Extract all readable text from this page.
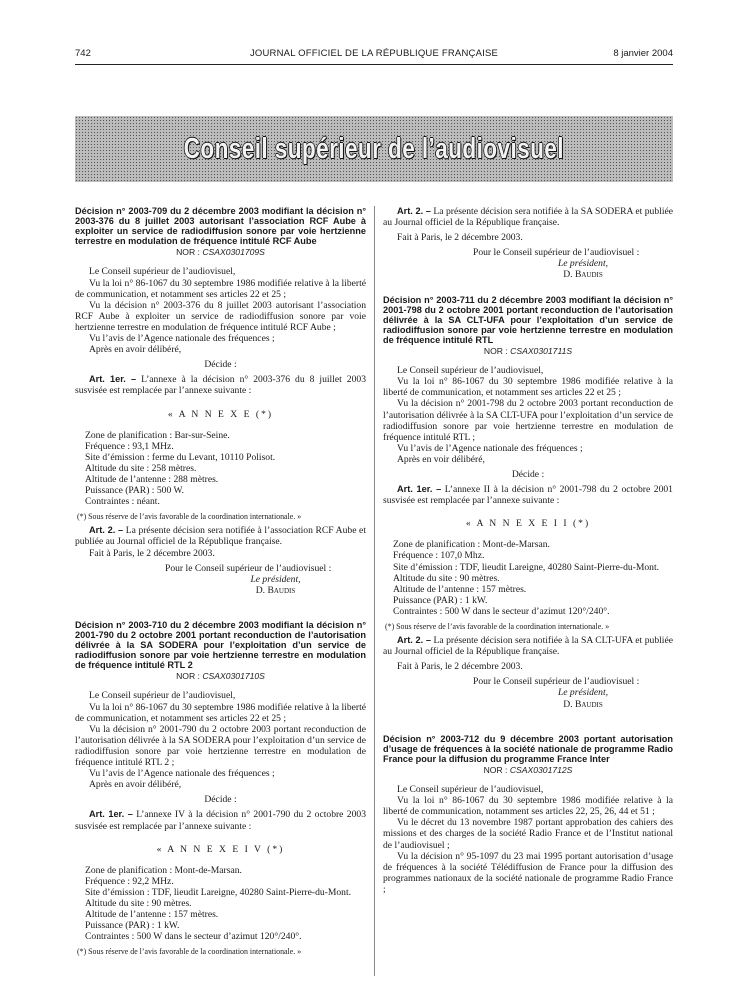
742	JOURNAL OFFICIEL DE LA RÉPUBLIQUE FRANÇAISE	8 janvier 2004
Conseil supérieur de l’audiovisuel

Décision n° 2003-709 du 2 décembre 2003 modifiant la décision n° 2003-376 du 8 juillet 2003 autorisant l’association RCF Aube à exploiter un service de radiodiffusion sonore par voie hertzienne terrestre en modulation de fréquence intitulé RCF Aube

NOR : CSAX0301709S

Le Conseil supérieur de l’audiovisuel,

Vu la loi n° 86-1067 du 30 septembre 1986 modifiée relative à la liberté de communication, et notamment ses articles 22 et 25 ;

Vu la décision n° 2003-376 du 8 juillet 2003 autorisant l’association RCF Aube à exploiter un service de radiodiffusion sonore par voie hertzienne terrestre en modulation de fréquence intitulé RCF Aube ;

Vu l’avis de l’Agence nationale des fréquences ;

Après en avoir délibéré,

Décide :

Art. 1er. – L’annexe à la décision n° 2003-376 du 8 juillet 2003 susvisée est remplacée par l’annexe suivante :

« A N N E X E (*)

Zone de planification : Bar-sur-Seine.

Fréquence : 93,1 MHz.

Site d’émission : ferme du Levant, 10110 Polisot.

Altitude du site : 258 mètres.

Altitude de l’antenne : 288 mètres.

Puissance (PAR) : 500 W.

Contraintes : néant.

(*) Sous réserve de l’avis favorable de la coordination internationale. »

Art. 2. – La présente décision sera notifiée à l’association RCF Aube et publiée au Journal officiel de la République française.

Fait à Paris, le 2 décembre 2003.

Pour le Conseil supérieur de l’audiovisuel :
Le président,
D. Baudis

Décision n° 2003-710 du 2 décembre 2003 modifiant la décision n° 2001-790 du 2 octobre 2001 portant reconduction de l’autorisation délivrée à la SA SODERA pour l’exploitation d’un service de radiodiffusion sonore par voie hertzienne terrestre en modulation de fréquence intitulé RTL 2

NOR : CSAX0301710S

Le Conseil supérieur de l’audiovisuel,

Vu la loi n° 86-1067 du 30 septembre 1986 modifiée relative à la liberté de communication, et notamment ses articles 22 et 25 ;

Vu la décision n° 2001-790 du 2 octobre 2003 portant reconduction de l’autorisation délivrée à la SA SODERA pour l’exploitation d’un service de radiodiffusion sonore par voie hertzienne terrestre en modulation de fréquence intitulé RTL 2 ;

Vu l’avis de l’Agence nationale des fréquences ;

Après en avoir délibéré,

Décide :

Art. 1er. – L’annexe IV à la décision n° 2001-790 du 2 octobre 2003 susvisée est remplacée par l’annexe suivante :

« A N N E X E I V (*)

Zone de planification : Mont-de-Marsan.

Fréquence : 92,2 MHz.

Site d’émission : TDF, lieudit Lareigne, 40280 Saint-Pierre-du-Mont.

Altitude du site : 90 mètres.

Altitude de l’antenne : 157 mètres.

Puissance (PAR) : 1 kW.

Contraintes : 500 W dans le secteur d’azimut 120°/240°.

(*) Sous réserve de l’avis favorable de la coordination internationale. »

Art. 2. – La présente décision sera notifiée à la SA SODERA et publiée au Journal officiel de la République française.

Fait à Paris, le 2 décembre 2003.

Pour le Conseil supérieur de l’audiovisuel :
Le président,
D. Baudis

Décision n° 2003-711 du 2 décembre 2003 modifiant la décision n° 2001-798 du 2 octobre 2001 portant reconduction de l’autorisation délivrée à la SA CLT-UFA pour l’exploitation d’un service de radiodiffusion sonore par voie hertzienne terrestre en modulation de fréquence intitulé RTL

NOR : CSAX0301711S

Le Conseil supérieur de l’audiovisuel,

Vu la loi n° 86-1067 du 30 septembre 1986 modifiée relative à la liberté de communication, et notamment ses articles 22 et 25 ;

Vu la décision n° 2001-798 du 2 octobre 2003 portant reconduction de l’autorisation délivrée à la SA CLT-UFA pour l’exploitation d’un service de radiodiffusion sonore par voie hertzienne terrestre en modulation de fréquence intitulé RTL ;

Vu l’avis de l’Agence nationale des fréquences ;

Après en voir délibéré,

Décide :

Art. 1er. – L’annexe II à la décision n° 2001-798 du 2 octobre 2001 susvisée est remplacée par l’annexe suivante :

« A N N E X E I I (*)

Zone de planification : Mont-de-Marsan.

Fréquence : 107,0 Mhz.

Site d’émission : TDF, lieudit Lareigne, 40280 Saint-Pierre-du-Mont.

Altitude du site : 90 mètres.

Altitude de l’antenne : 157 mètres.

Puissance (PAR) : 1 kW.

Contraintes : 500 W dans le secteur d’azimut 120°/240°.

(*) Sous réserve de l’avis favorable de la coordination internationale. »

Art. 2. – La présente décision sera notifiée à la SA CLT-UFA et publiée au Journal officiel de la République française.

Fait à Paris, le 2 décembre 2003.

Pour le Conseil supérieur de l’audiovisuel :
Le président,
D. Baudis

Décision n° 2003-712 du 9 décembre 2003 portant autorisation d’usage de fréquences à la société nationale de programme Radio France pour la diffusion du programme France Inter

NOR : CSAX0301712S

Le Conseil supérieur de l’audiovisuel,

Vu la loi n° 86-1067 du 30 septembre 1986 modifiée relative à la liberté de communication, notamment ses articles 22, 25, 26, 44 et 51 ;

Vu le décret du 13 novembre 1987 portant approbation des cahiers des missions et des charges de la société Radio France et de l’Institut national de l’audiovisuel ;

Vu la décision n° 95-1097 du 23 mai 1995 portant autorisation d’usage de fréquences à la société Télédiffusion de France pour la diffusion des programmes nationaux de la société nationale de programme Radio France ;
